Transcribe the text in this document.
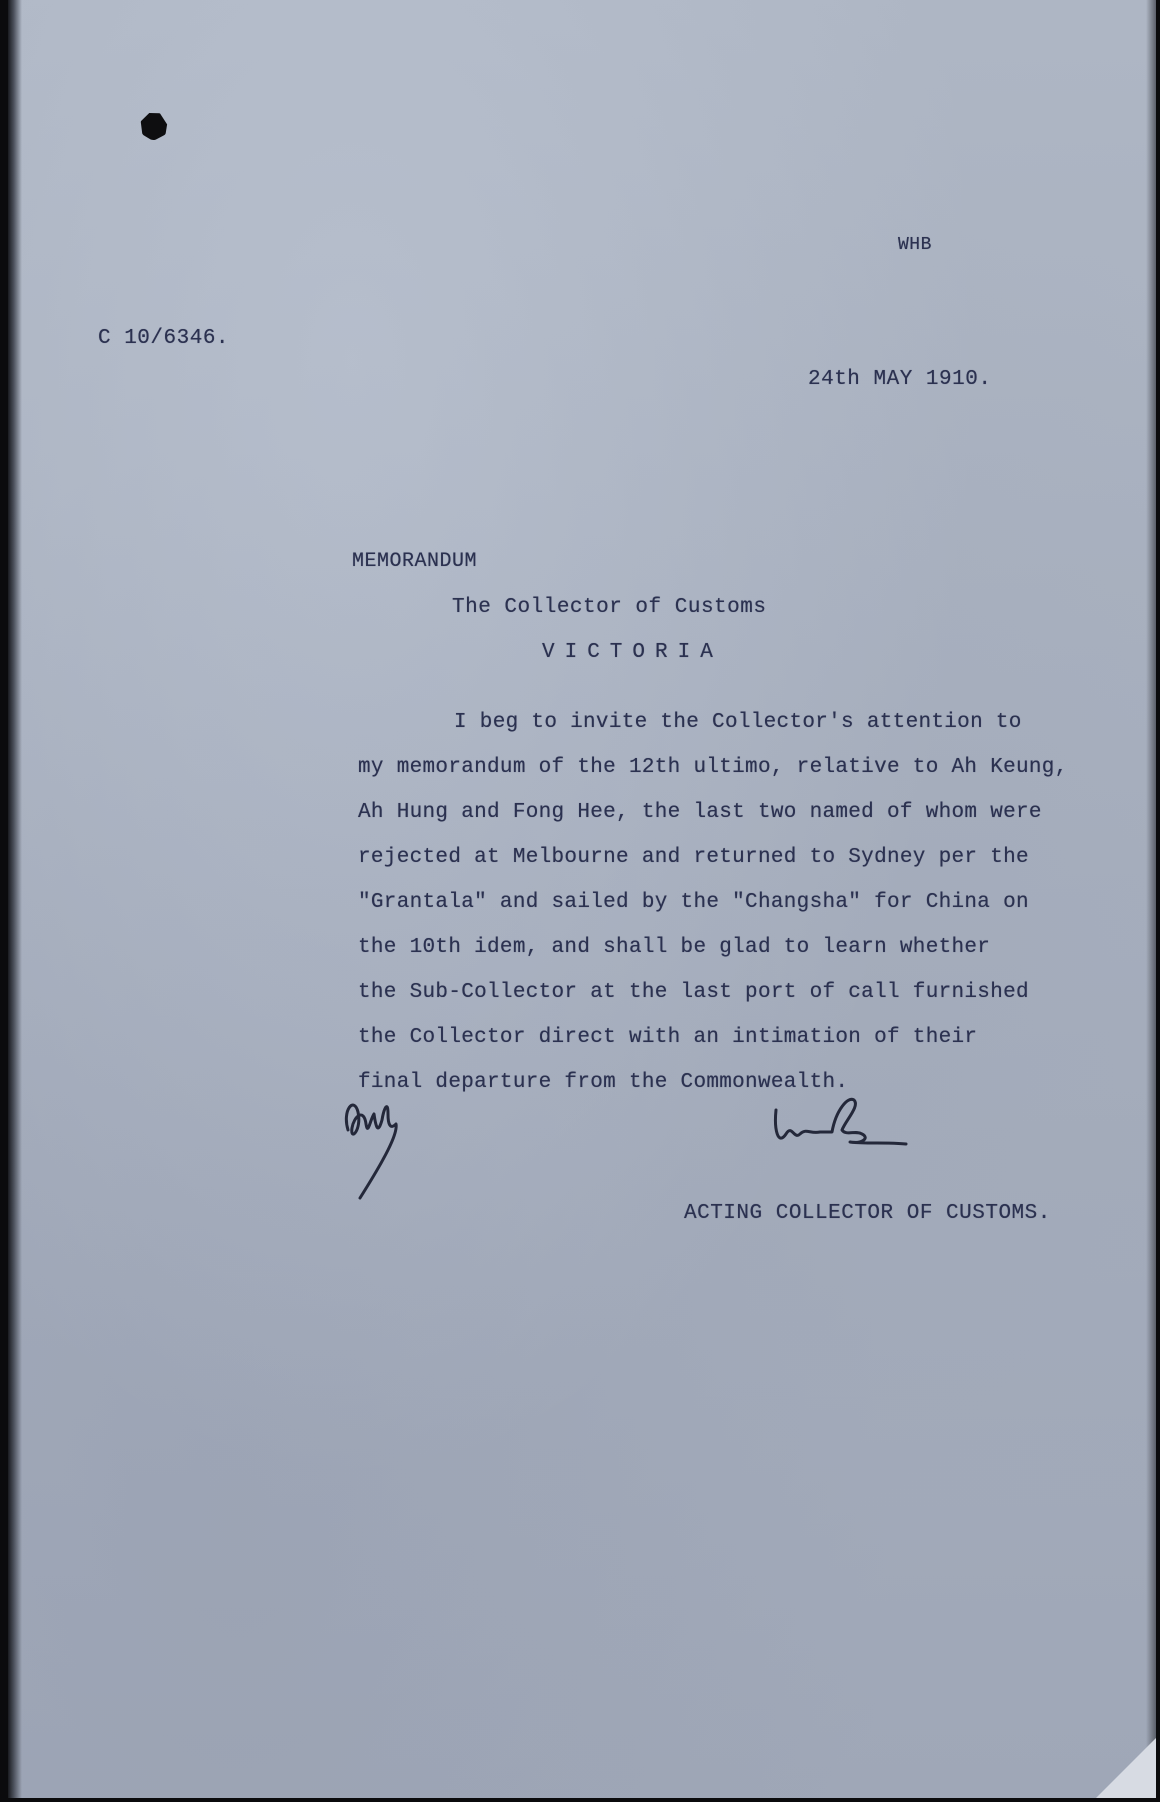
WHB

C 10/6346.

24th MAY 1910.

MEMORANDUM

The Collector of Customs

VICTORIA

I beg to invite the Collector's attention to
my memorandum of the 12th ultimo, relative to Ah Keung,
Ah Hung and Fong Hee, the last two named of whom were
rejected at Melbourne and returned to Sydney per the
"Grantala" and sailed by the "Changsha" for China on
the 10th idem, and shall be glad to learn whether
the Sub-Collector at the last port of call furnished
the Collector direct with an intimation of their
final departure from the Commonwealth.

ACTING COLLECTOR OF CUSTOMS.
